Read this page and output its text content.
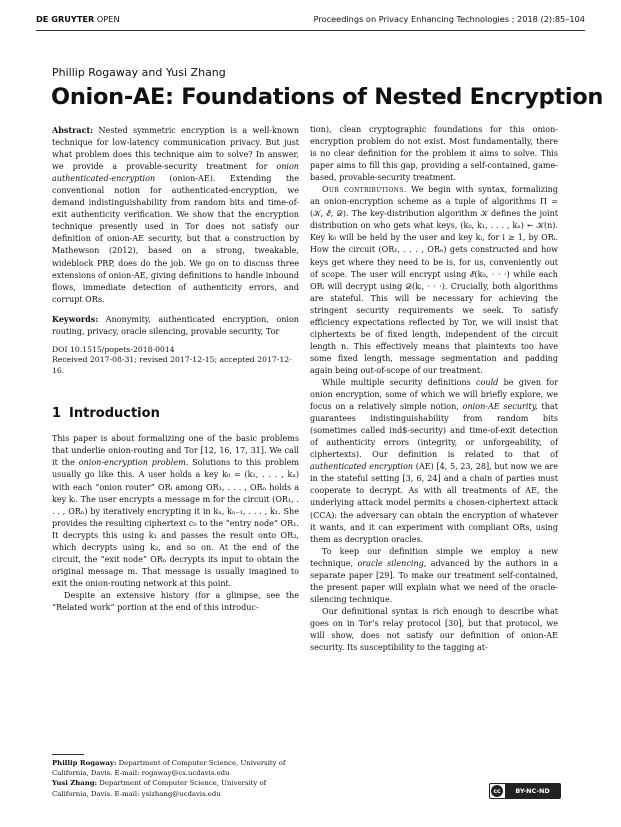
DE GRUYTER OPEN	Proceedings on Privacy Enhancing Technologies ; 2018 (2):85–104
Phillip Rogaway and Yusi Zhang
Onion-AE: Foundations of Nested Encryption

Abstract: Nested symmetric encryption is a well-known technique for low-latency communication privacy. But just what problem does this technique aim to solve? In answer, we provide a provable-security treatment for onion authenticated-encryption (onion-AE). Extending the conventional notion for authenticated-encryption, we demand indistinguishability from random bits and time-of-exit authenticity verification. We show that the encryption technique presently used in Tor does not satisfy our definition of onion-AE security, but that a construction by Mathewson (2012), based on a strong, tweakable, wideblock PRP, does do the job. We go on to discuss three extensions of onion-AE, giving definitions to handle inbound flows, immediate detection of authenticity errors, and corrupt ORs.

Keywords: Anonymity, authenticated encryption, onion routing, privacy, oracle silencing, provable security, Tor

DOI 10.1515/popets-2018-0014
Received 2017-08-31; revised 2017-12-15; accepted 2017-12-16.

1 Introduction

This paper is about formalizing one of the basic problems that underlie onion-routing and Tor [12, 16, 17, 31]. We call it the onion-encryption problem. Solutions to this problem usually go like this. A user holds a key k₀ = (k₁, . . . , kₙ) with each “onion router” ORᵢ among OR₁, . . . , ORₙ holds a key kᵢ. The user encrypts a message m for the circuit (OR₁, . . . , ORₙ) by iteratively encrypting it in kₙ, kₙ₋₁, . . . , k₁. She provides the resulting ciphertext c₀ to the “entry node” OR₁. It decrypts this using k₁ and passes the result onto OR₂, which decrypts using k₂, and so on. At the end of the circuit, the “exit node” ORₙ decrypts its input to obtain the original message m. That message is usually imagined to exit the onion-routing network at this point.

Despite an extensive history (for a glimpse, see the “Related work” portion at the end of this introduc-

tion), clean cryptographic foundations for this onion-encryption problem do not exist. Most fundamentally, there is no clear definition for the problem it aims to solve. This paper aims to fill this gap, providing a self-contained, game-based, provable-security treatment.

Our contributions. We begin with syntax, formalizing an onion-encryption scheme as a tuple of algorithms Π = (𝒦, ℰ, 𝒟). The key-distribution algorithm 𝒦 defines the joint distribution on who gets what keys, (k₀, k₁, . . . , kₙ) ↞ 𝒦(n). Key k₀ will be held by the user and key kᵢ, for i ≥ 1, by ORᵢ. How the circuit (OR₁, . . . , ORₙ) gets constructed and how keys get where they need to be is, for us, conveniently out of scope. The user will encrypt using ℰ(k₀, · · ·) while each ORᵢ will decrypt using 𝒟(kᵢ, · · ·). Crucially, both algorithms are stateful. This will be necessary for achieving the stringent security requirements we seek. To satisfy efficiency expectations reflected by Tor, we will insist that ciphertexts be of fixed length, independent of the circuit length n. This effectively means that plaintexts too have some fixed length, message segmentation and padding again being out-of-scope of our treatment.

While multiple security definitions could be given for onion encryption, some of which we will briefly explore, we focus on a relatively simple notion, onion-AE security, that guarantees indistinguishability from random bits (sometimes called ind$-security) and time-of-exit detection of authenticity errors (integrity, or unforgeability, of ciphertexts). Our definition is related to that of authenticated encryption (AE) [4, 5, 23, 28], but now we are in the stateful setting [3, 6, 24] and a chain of parties must cooperate to decrypt. As with all treatments of AE, the underlying attack model permits a chosen-ciphertext attack (CCA): the adversary can obtain the encryption of whatever it wants, and it can experiment with compliant ORs, using them as decryption oracles.

To keep our definition simple we employ a new technique, oracle silencing, advanced by the authors in a separate paper [29]. To make our treatment self-contained, the present paper will explain what we need of the oracle-silencing technique.

Our definitional syntax is rich enough to describe what goes on in Tor’s relay protocol [30], but that protocol, we will show, does not satisfy our definition of onion-AE security. Its susceptibility to the tagging at-

Phillip Rogaway: Department of Computer Science, University of California, Davis. E-mail: rogaway@cs.ucdavis.edu

Yusi Zhang: Department of Computer Science, University of California, Davis. E-mail: ysizhang@ucdavis.edu	cc	BY-NC-ND
